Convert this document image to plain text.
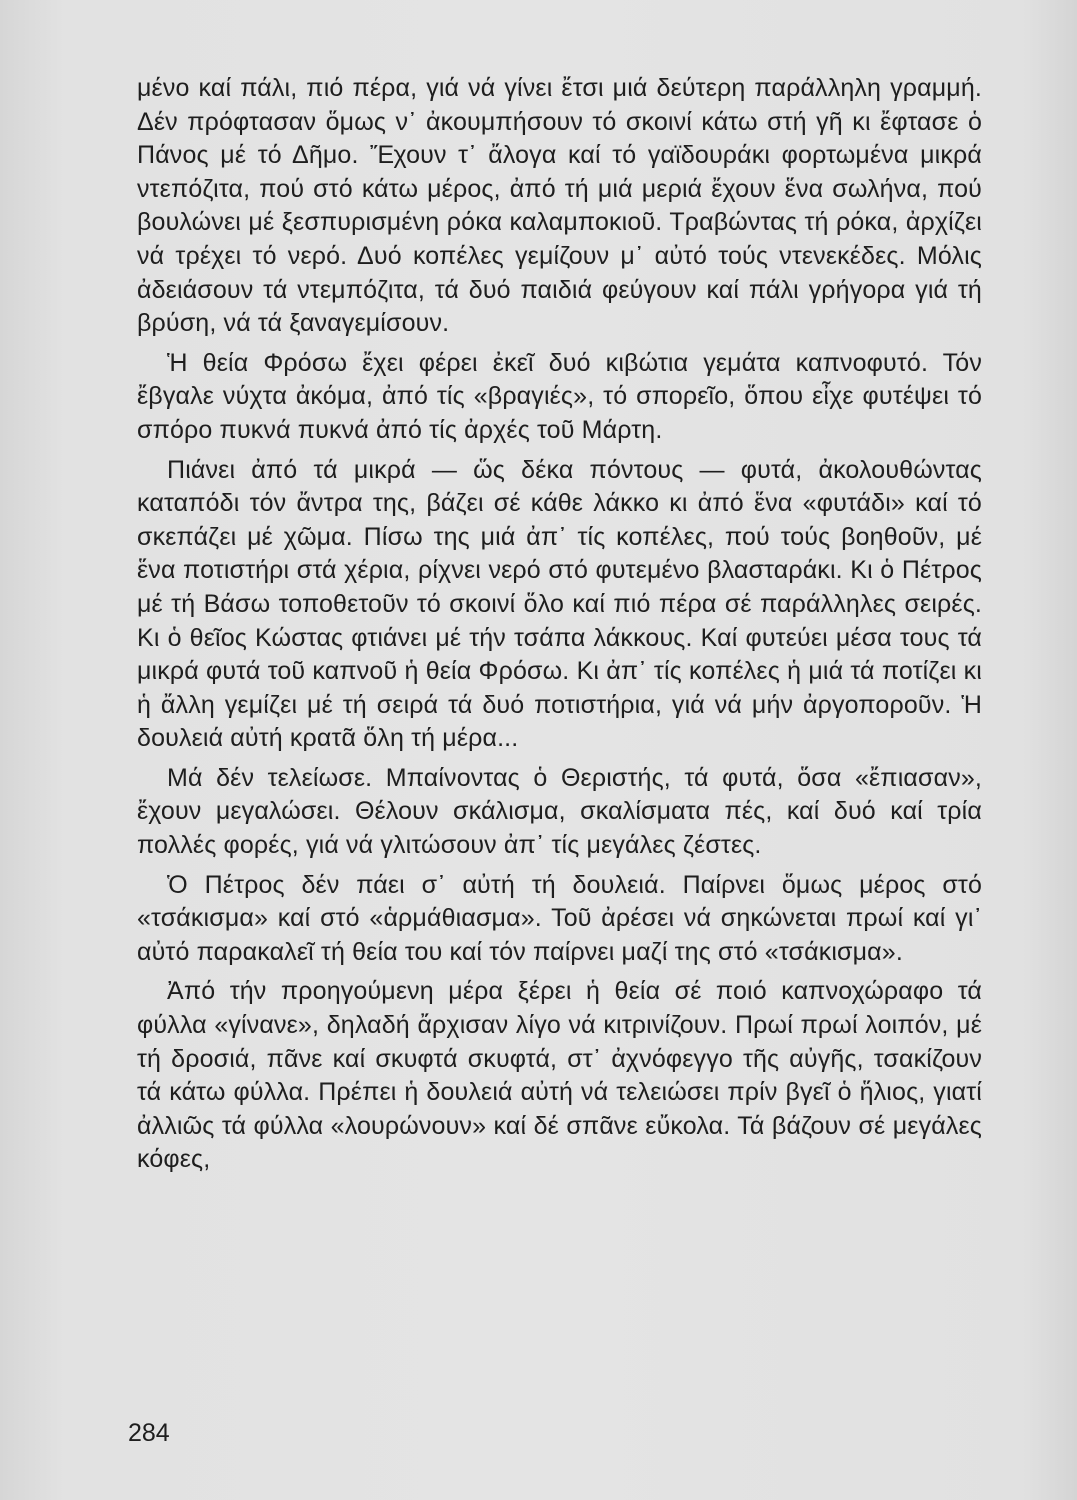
μένο καί πάλι, πιό πέρα, γιά νά γίνει ἔτσι μιά δεύτερη παράλληλη γραμμή. Δέν πρόφτασαν ὅμως ν᾽ ἀκουμπήσουν τό σκοινί κάτω στή γῆ κι ἔφτασε ὁ Πάνος μέ τό Δῆμο. Ἔχουν τ᾽ ἄλογα καί τό γαϊδουράκι φορτωμένα μικρά ντεπόζιτα, πού στό κάτω μέρος, ἀπό τή μιά μεριά ἔχουν ἕνα σωλήνα, πού βουλώνει μέ ξεσπυρισμένη ρόκα καλαμποκιοῦ. Τραβώντας τή ρόκα, ἀρχίζει νά τρέχει τό νερό. Δυό κοπέλες γεμίζουν μ᾽ αὐτό τούς ντενεκέδες. Μόλις ἀδειάσουν τά ντεμπόζιτα, τά δυό παιδιά φεύγουν καί πάλι γρήγορα γιά τή βρύση, νά τά ξαναγεμίσουν.

Ἡ θεία Φρόσω ἔχει φέρει ἐκεῖ δυό κιβώτια γεμάτα καπνοφυτό. Τόν ἔβγαλε νύχτα ἀκόμα, ἀπό τίς «βραγιές», τό σπορεῖο, ὅπου εἶχε φυτέψει τό σπόρο πυκνά πυκνά ἀπό τίς ἀρχές τοῦ Μάρτη.

Πιάνει ἀπό τά μικρά — ὥς δέκα πόντους — φυτά, ἀκολουθώντας καταπόδι τόν ἄντρα της, βάζει σέ κάθε λάκκο κι ἀπό ἕνα «φυτάδι» καί τό σκεπάζει μέ χῶμα. Πίσω της μιά ἀπ᾽ τίς κοπέλες, πού τούς βοηθοῦν, μέ ἕνα ποτιστήρι στά χέρια, ρίχνει νερό στό φυτεμένο βλασταράκι. Κι ὁ Πέτρος μέ τή Βάσω τοποθετοῦν τό σκοινί ὅλο καί πιό πέρα σέ παράλληλες σειρές. Κι ὁ θεῖος Κώστας φτιάνει μέ τήν τσάπα λάκκους. Καί φυτεύει μέσα τους τά μικρά φυτά τοῦ καπνοῦ ἡ θεία Φρόσω. Κι ἀπ᾽ τίς κοπέλες ἡ μιά τά ποτίζει κι ἡ ἄλλη γεμίζει μέ τή σειρά τά δυό ποτιστήρια, γιά νά μήν ἀργοποροῦν. Ἡ δουλειά αὐτή κρατᾶ ὅλη τή μέρα...

Μά δέν τελείωσε. Μπαίνοντας ὁ Θεριστής, τά φυτά, ὅσα «ἔπιασαν», ἔχουν μεγαλώσει. Θέλουν σκάλισμα, σκαλίσματα πές, καί δυό καί τρία πολλές φορές, γιά νά γλιτώσουν ἀπ᾽ τίς μεγάλες ζέστες.

Ὁ Πέτρος δέν πάει σ᾽ αὐτή τή δουλειά. Παίρνει ὅμως μέρος στό «τσάκισμα» καί στό «ἁρμάθιασμα». Τοῦ ἀρέσει νά σηκώνεται πρωί καί γι᾽ αὐτό παρακαλεῖ τή θεία του καί τόν παίρνει μαζί της στό «τσάκισμα».

Ἀπό τήν προηγούμενη μέρα ξέρει ἡ θεία σέ ποιό καπνοχώραφο τά φύλλα «γίνανε», δηλαδή ἄρχισαν λίγο νά κιτρινίζουν. Πρωί πρωί λοιπόν, μέ τή δροσιά, πᾶνε καί σκυφτά σκυφτά, στ᾽ ἀχνόφεγγο τῆς αὐγῆς, τσακίζουν τά κάτω φύλλα. Πρέπει ἡ δουλειά αὐτή νά τελειώσει πρίν βγεῖ ὁ ἥλιος, γιατί ἀλλιῶς τά φύλλα «λουρώνουν» καί δέ σπᾶνε εὔκολα. Τά βάζουν σέ μεγάλες κόφες,

284
